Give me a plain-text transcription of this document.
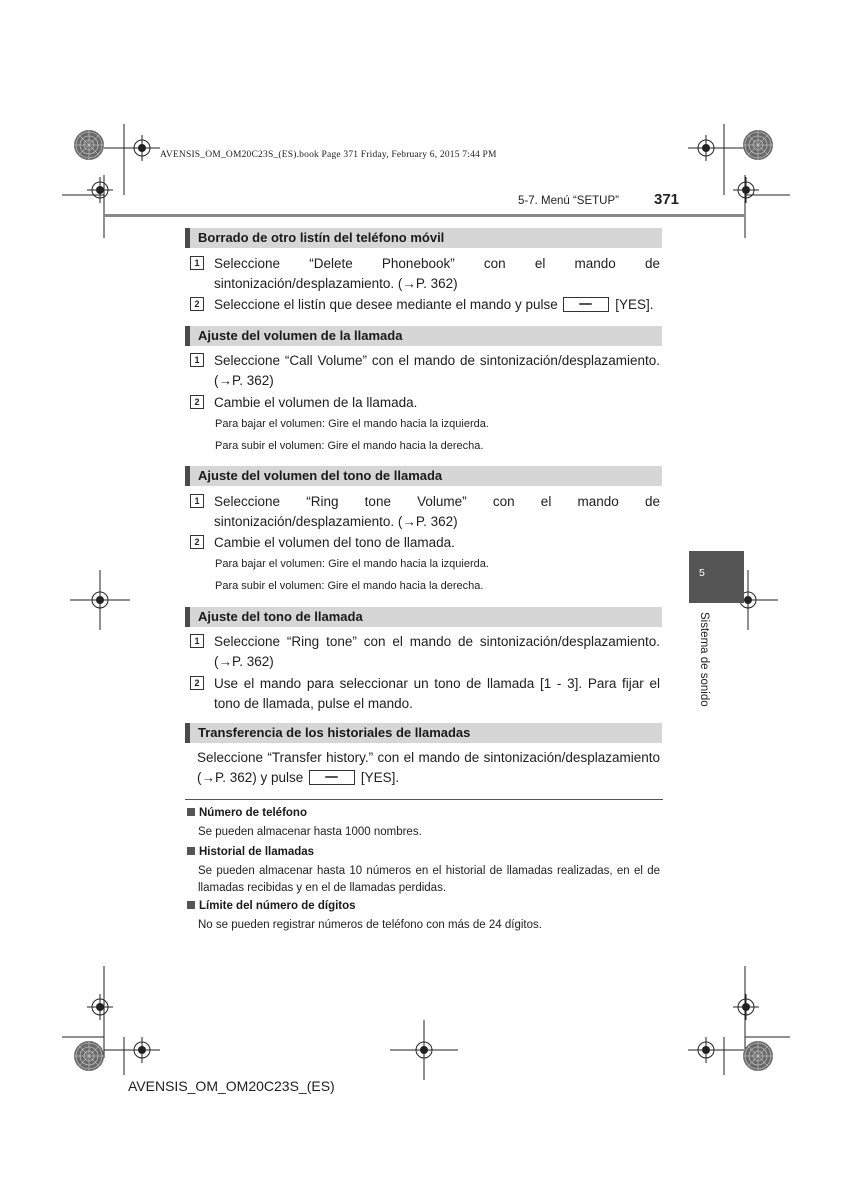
AVENSIS_OM_OM20C23S_(ES).book Page 371 Friday, February 6, 2015 7:44 PM
5-7. Menú “SETUP” 371
Borrado de otro listín del teléfono móvil
1	Seleccione “Delete Phonebook” con el mando de sintonización/desplazamiento. (→P. 362)
2	Seleccione el listín que desee mediante el mando y pulse	[YES].
Ajuste del volumen de la llamada
1	Seleccione “Call Volume” con el mando de sintonización/desplazamiento. (→P. 362)
2	Cambie el volumen de la llamada.
Para bajar el volumen: Gire el mando hacia la izquierda.
Para subir el volumen: Gire el mando hacia la derecha.
Ajuste del volumen del tono de llamada
1	Seleccione “Ring tone Volume” con el mando de sintonización/desplazamiento. (→P. 362)
2	Cambie el volumen del tono de llamada.
Para bajar el volumen: Gire el mando hacia la izquierda.
Para subir el volumen: Gire el mando hacia la derecha.
Ajuste del tono de llamada
1	Seleccione “Ring tone” con el mando de sintonización/desplazamiento. (→P. 362)
2	Use el mando para seleccionar un tono de llamada [1 - 3]. Para fijar el tono de llamada, pulse el mando.
Transferencia de los historiales de llamadas
Seleccione “Transfer history.” con el mando de sintonización/desplazamiento (→P. 362) y pulse	[YES].
Número de teléfono
Se pueden almacenar hasta 1000 nombres.
Historial de llamadas
Se pueden almacenar hasta 10 números en el historial de llamadas realizadas, en el de llamadas recibidas y en el de llamadas perdidas.
Límite del número de dígitos
No se pueden registrar números de teléfono con más de 24 dígitos.
5
Sistema de sonido
AVENSIS_OM_OM20C23S_(ES)
